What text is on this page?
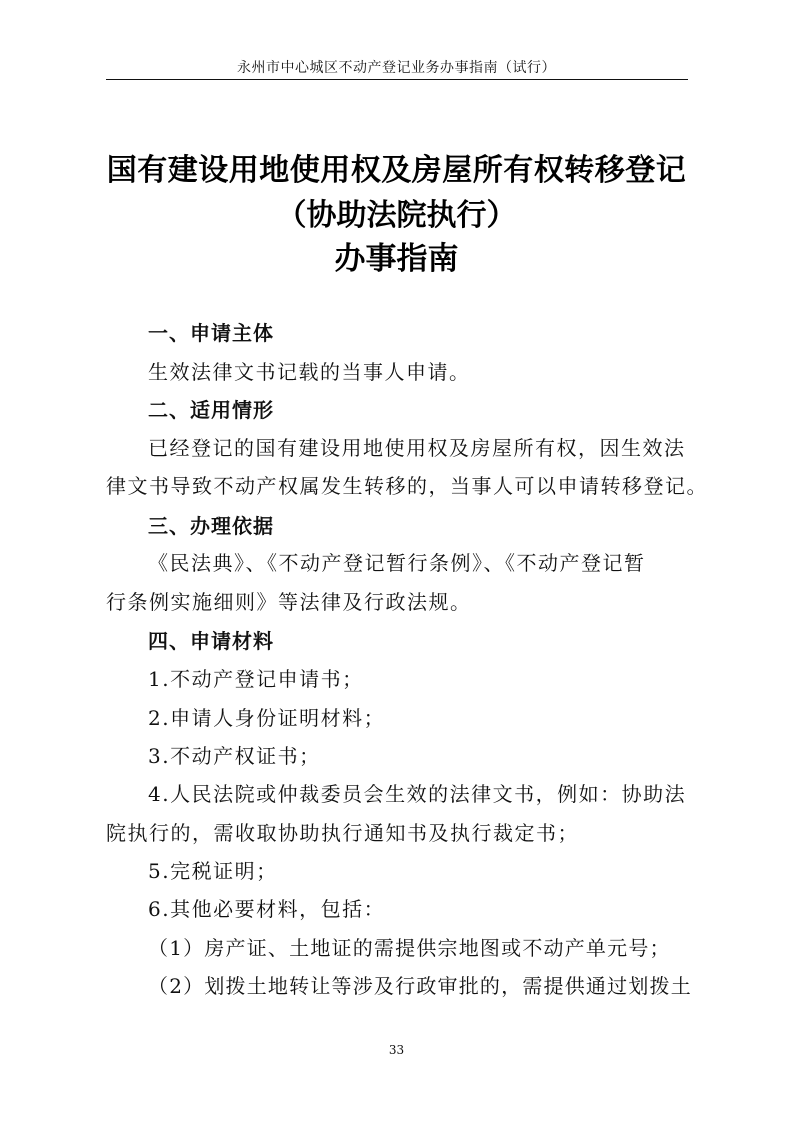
永州市中心城区不动产登记业务办事指南（试行）
国有建设用地使用权及房屋所有权转移登记
（协助法院执行）
办事指南
一、申请主体
生效法律文书记载的当事人申请。
二、适用情形
已经登记的国有建设用地使用权及房屋所有权，因生效法
律文书导致不动产权属发生转移的，当事人可以申请转移登记。
三、办理依据
《民法典》、《不动产登记暂行条例》、《不动产登记暂
行条例实施细则》等法律及行政法规。
四、申请材料
1.不动产登记申请书；
2.申请人身份证明材料；
3.不动产权证书；
4.人民法院或仲裁委员会生效的法律文书，例如：协助法
院执行的，需收取协助执行通知书及执行裁定书；
5.完税证明；
6.其他必要材料，包括：
（1）房产证、土地证的需提供宗地图或不动产单元号；
（2）划拨土地转让等涉及行政审批的，需提供通过划拨土
33
